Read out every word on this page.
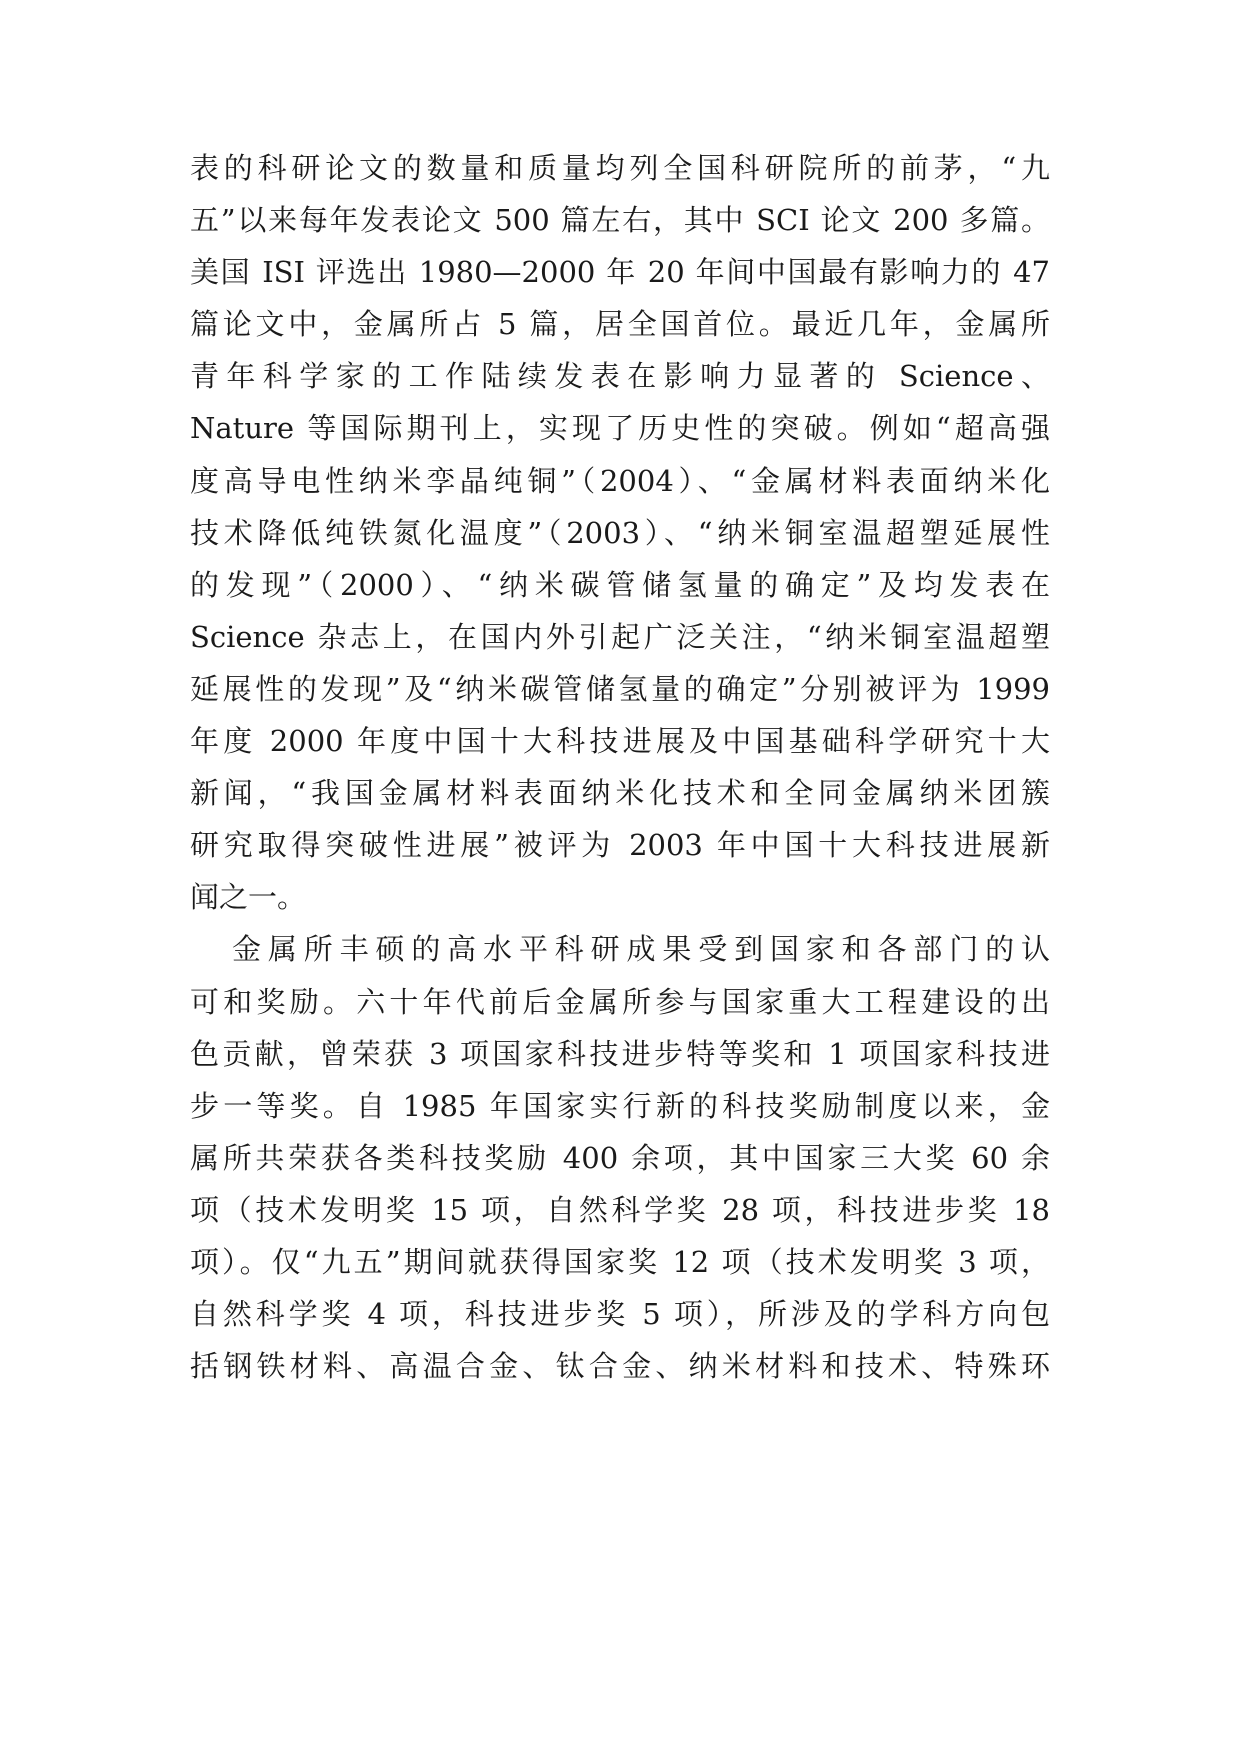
表的科研论文的数量和质量均列全国科研院所的前茅，“九
五”以来每年发表论文 500 篇左右，其中 SCI 论文 200 多篇。
美国 ISI 评选出 1980—2000 年 20 年间中国最有影响力的 47
篇论文中，金属所占 5 篇，居全国首位。最近几年，金属所
青年科学家的工作陆续发表在影响力显著的 Science、
Nature 等国际期刊上，实现了历史性的突破。例如“超高强
度高导电性纳米孪晶纯铜”（2004）、“金属材料表面纳米化
技术降低纯铁氮化温度”（2003）、“纳米铜室温超塑延展性
的发现”（2000）、“纳米碳管储氢量的确定”及均发表在
Science 杂志上，在国内外引起广泛关注，“纳米铜室温超塑
延展性的发现”及“纳米碳管储氢量的确定”分别被评为 1999
年度 2000 年度中国十大科技进展及中国基础科学研究十大
新闻，“我国金属材料表面纳米化技术和全同金属纳米团簇
研究取得突破性进展”被评为 2003 年中国十大科技进展新
闻之一。
金属所丰硕的高水平科研成果受到国家和各部门的认
可和奖励。六十年代前后金属所参与国家重大工程建设的出
色贡献，曾荣获 3 项国家科技进步特等奖和 1 项国家科技进
步一等奖。自 1985 年国家实行新的科技奖励制度以来，金
属所共荣获各类科技奖励 400 余项，其中国家三大奖 60 余
项（技术发明奖 15 项，自然科学奖 28 项，科技进步奖 18
项）。仅“九五”期间就获得国家奖 12 项（技术发明奖 3 项，
自然科学奖 4 项，科技进步奖 5 项），所涉及的学科方向包
括钢铁材料、高温合金、钛合金、纳米材料和技术、特殊环
